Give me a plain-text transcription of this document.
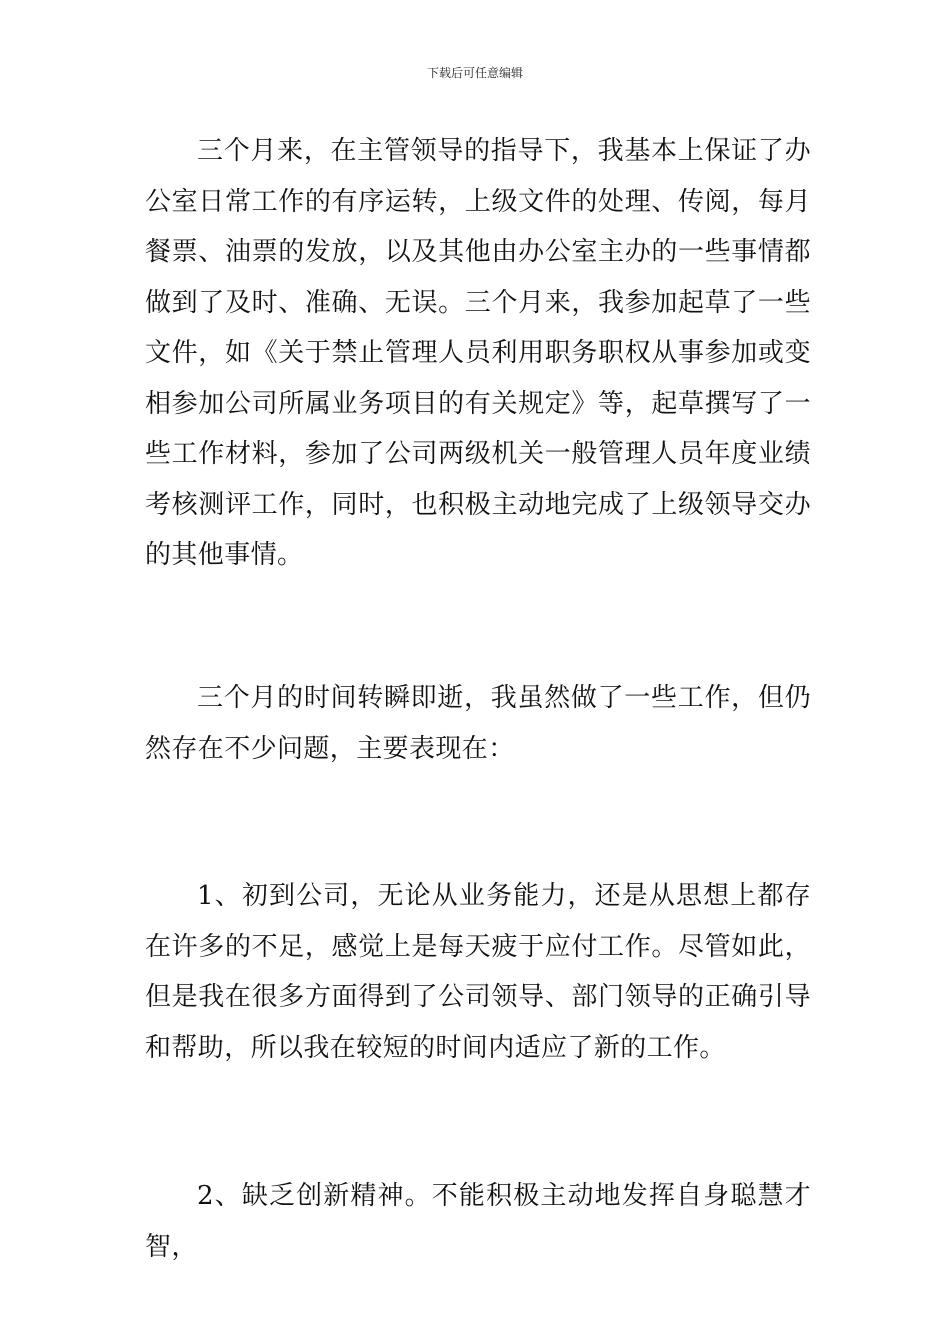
下载后可任意编辑

三个月来，在主管领导的指导下，我基本上保证了办公室日常工作的有序运转，上级文件的处理、传阅，每月餐票、油票的发放，以及其他由办公室主办的一些事情都做到了及时、准确、无误。三个月来，我参加起草了一些文件，如《关于禁止管理人员利用职务职权从事参加或变相参加公司所属业务项目的有关规定》等，起草撰写了一些工作材料，参加了公司两级机关一般管理人员年度业绩考核测评工作，同时，也积极主动地完成了上级领导交办的其他事情。

三个月的时间转瞬即逝，我虽然做了一些工作，但仍然存在不少问题，主要表现在：

1、初到公司，无论从业务能力，还是从思想上都存在许多的不足，感觉上是每天疲于应付工作。尽管如此，但是我在很多方面得到了公司领导、部门领导的正确引导和帮助，所以我在较短的时间内适应了新的工作。

2、缺乏创新精神。不能积极主动地发挥自身聪慧才智，
